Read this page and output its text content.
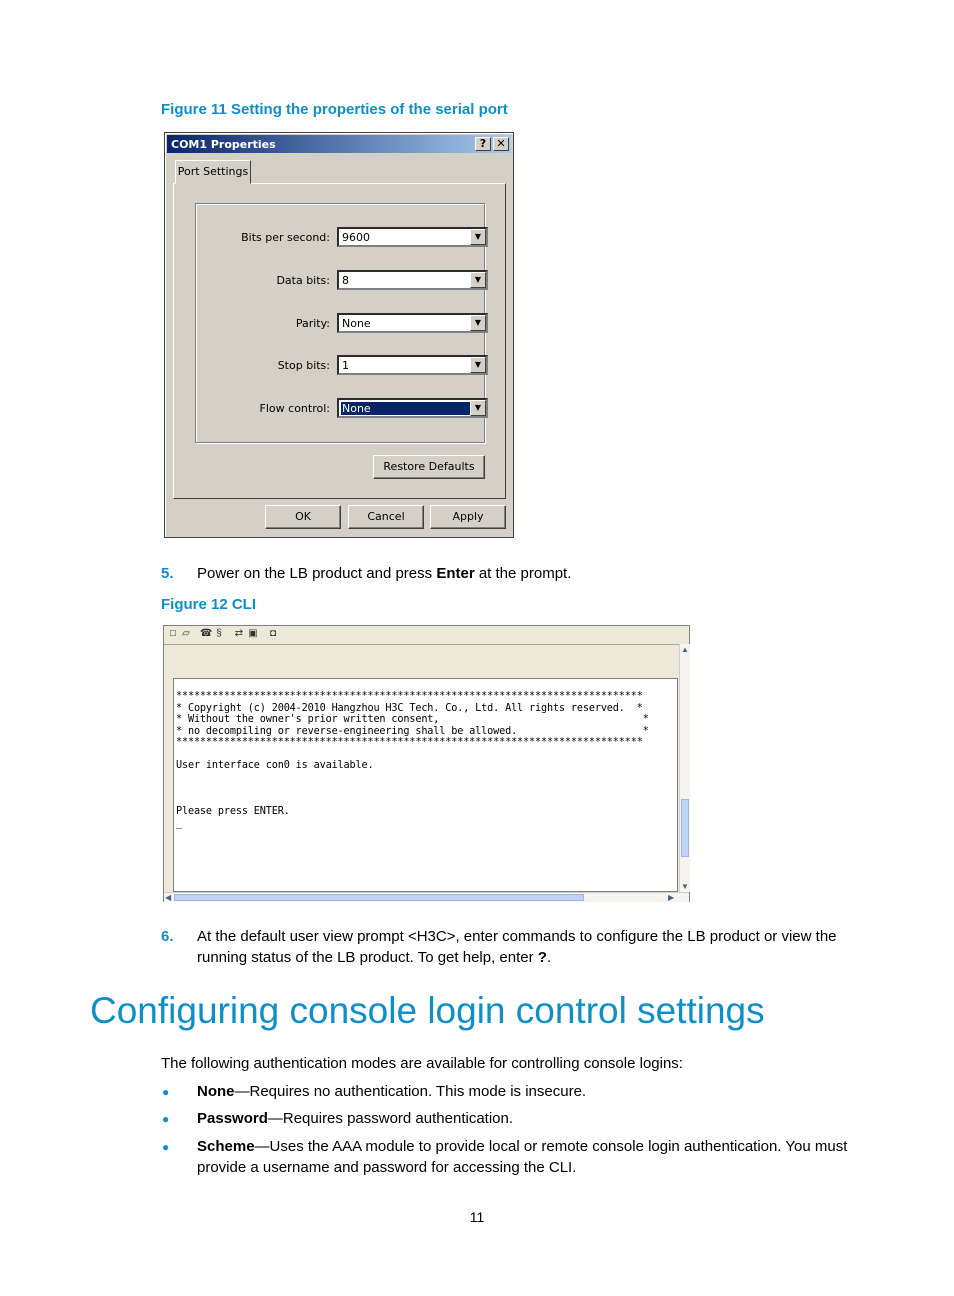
Figure 11 Setting the properties of the serial port
COM1 Properties	? ✕
Port Settings
Bits per second: 9600	▼
Data bits: 8	▼
Parity: None	▼
Stop bits: 1	▼
Flow control: None	▼
Restore Defaults
OK	Cancel	Apply
5. Power on the LB product and press Enter at the prompt.
Figure 12 CLI
□ ▱ ☎ §	⇄ ▣ ◘
******************************************************************************
* Copyright (c) 2004-2010 Hangzhou H3C Tech. Co., Ltd. All rights reserved.  *
* Without the owner's prior written consent,                                  *
* no decompiling or reverse-engineering shall be allowed.                     *
******************************************************************************

User interface con0 is available.

Please press ENTER.
_
▲
▼
◀	▶
6. At the default user view prompt <H3C>, enter commands to configure the LB product or view the
running status of the LB product. To get help, enter ?.
Configuring console login control settings
The following authentication modes are available for controlling console logins:
● None—Requires no authentication. This mode is insecure.
● Password—Requires password authentication.
● Scheme—Uses the AAA module to provide local or remote console login authentication. You must
provide a username and password for accessing the CLI.
11
